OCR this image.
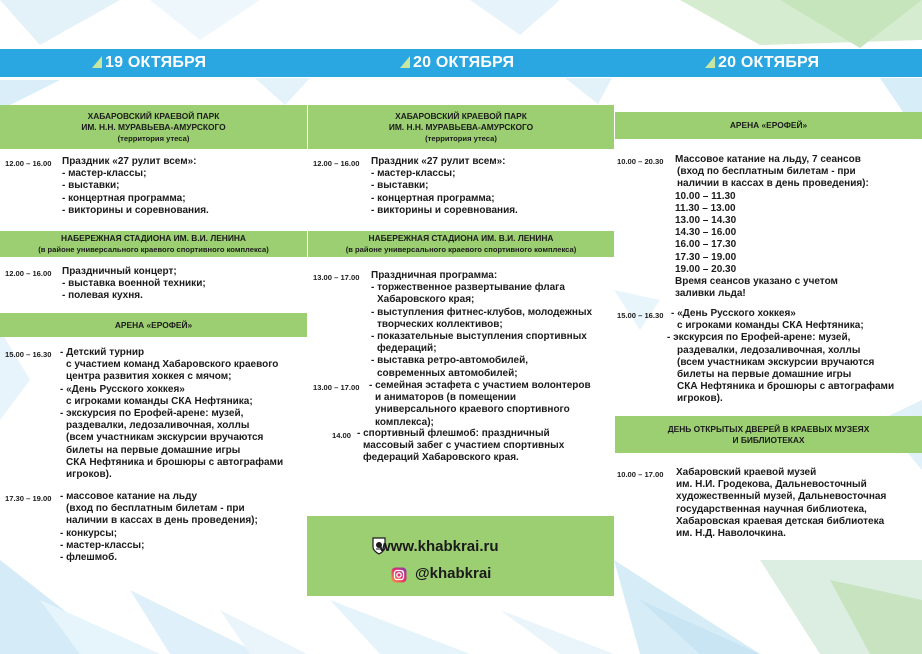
19 ОКТЯБРЯ	20 ОКТЯБРЯ	20 ОКТЯБРЯ
19 ОКТЯБРЯ
ХАБАРОВСКИЙ КРАЕВОЙ ПАРК
ИМ. Н.Н. МУРАВЬЕВА-АМУРСКОГО
(территория утеса)
12.00 – 16.00 Праздник «27 рулит всем»:
- мастер-классы;
- выставки;
- концертная программа;
- викторины и соревнования.
НАБЕРЕЖНАЯ СТАДИОНА ИМ. В.И. ЛЕНИНА
(в районе универсального краевого спортивного комплекса)
12.00 – 16.00 Праздничный концерт;
- выставка военной техники;
- полевая кухня.
АРЕНА «ЕРОФЕЙ»
15.00 – 16.30 - Детский турнир
с участием команд Хабаровского краевого
центра развития хоккея с мячом;
- «День Русского хоккея»
с игроками команды СКА Нефтяника;
- экскурсия по Ерофей-арене: музей,
раздевалки, ледозаливочная, холлы
(всем участникам экскурсии вручаются
билеты на первые домашние игры
СКА Нефтяника и брошюры с автографами
игроков).
17.30 – 19.00 - массовое катание на льду
(вход по бесплатным билетам - при
наличии в кассах в день проведения);
- конкурсы;
- мастер-классы;
- флешмоб.
ХАБАРОВСКИЙ КРАЕВОЙ ПАРК
ИМ. Н.Н. МУРАВЬЕВА-АМУРСКОГО
(территория утеса)
12.00 – 16.00 Праздник «27 рулит всем»:
- мастер-классы;
- выставки;
- концертная программа;
- викторины и соревнования.
НАБЕРЕЖНАЯ СТАДИОНА ИМ. В.И. ЛЕНИНА
(в районе универсального краевого спортивного комплекса)
13.00 – 17.00 Праздничная программа:
- торжественное развертывание флага
Хабаровского края;
- выступления фитнес-клубов, молодежных
творческих коллективов;
- показательные выступления спортивных
федераций;
- выставка ретро-автомобилей,
современных автомобилей;
13.00 – 17.00 - семейная эстафета с участием волонтеров
и аниматоров (в помещении
универсального краевого спортивного
комплекса);
14.00 - спортивный флешмоб: праздничный
массовый забег с участием спортивных
федераций Хабаровского края.
www.khabkrai.ru
@khabkrai
АРЕНА «ЕРОФЕЙ»
10.00 – 20.30 Массовое катание на льду, 7 сеансов
(вход по бесплатным билетам - при
наличии в кассах в день проведения):
10.00 – 11.30
11.30 – 13.00
13.00 – 14.30
14.30 – 16.00
16.00 – 17.30
17.30 – 19.00
19.00 – 20.30
Время сеансов указано с учетом
заливки льда!
15.00 – 16.30 - «День Русского хоккея»
с игроками команды СКА Нефтяника;
- экскурсия по Ерофей-арене: музей,
раздевалки, ледозаливочная, холлы
(всем участникам экскурсии вручаются
билеты на первые домашние игры
СКА Нефтяника и брошюры с автографами
игроков).
ДЕНЬ ОТКРЫТЫХ ДВЕРЕЙ В КРАЕВЫХ МУЗЕЯХ
И БИБЛИОТЕКАХ
10.00 – 17.00 Хабаровский краевой музей
им. Н.И. Гродекова, Дальневосточный
художественный музей, Дальневосточная
государственная научная библиотека,
Хабаровская краевая детская библиотека
им. Н.Д. Наволочкина.
